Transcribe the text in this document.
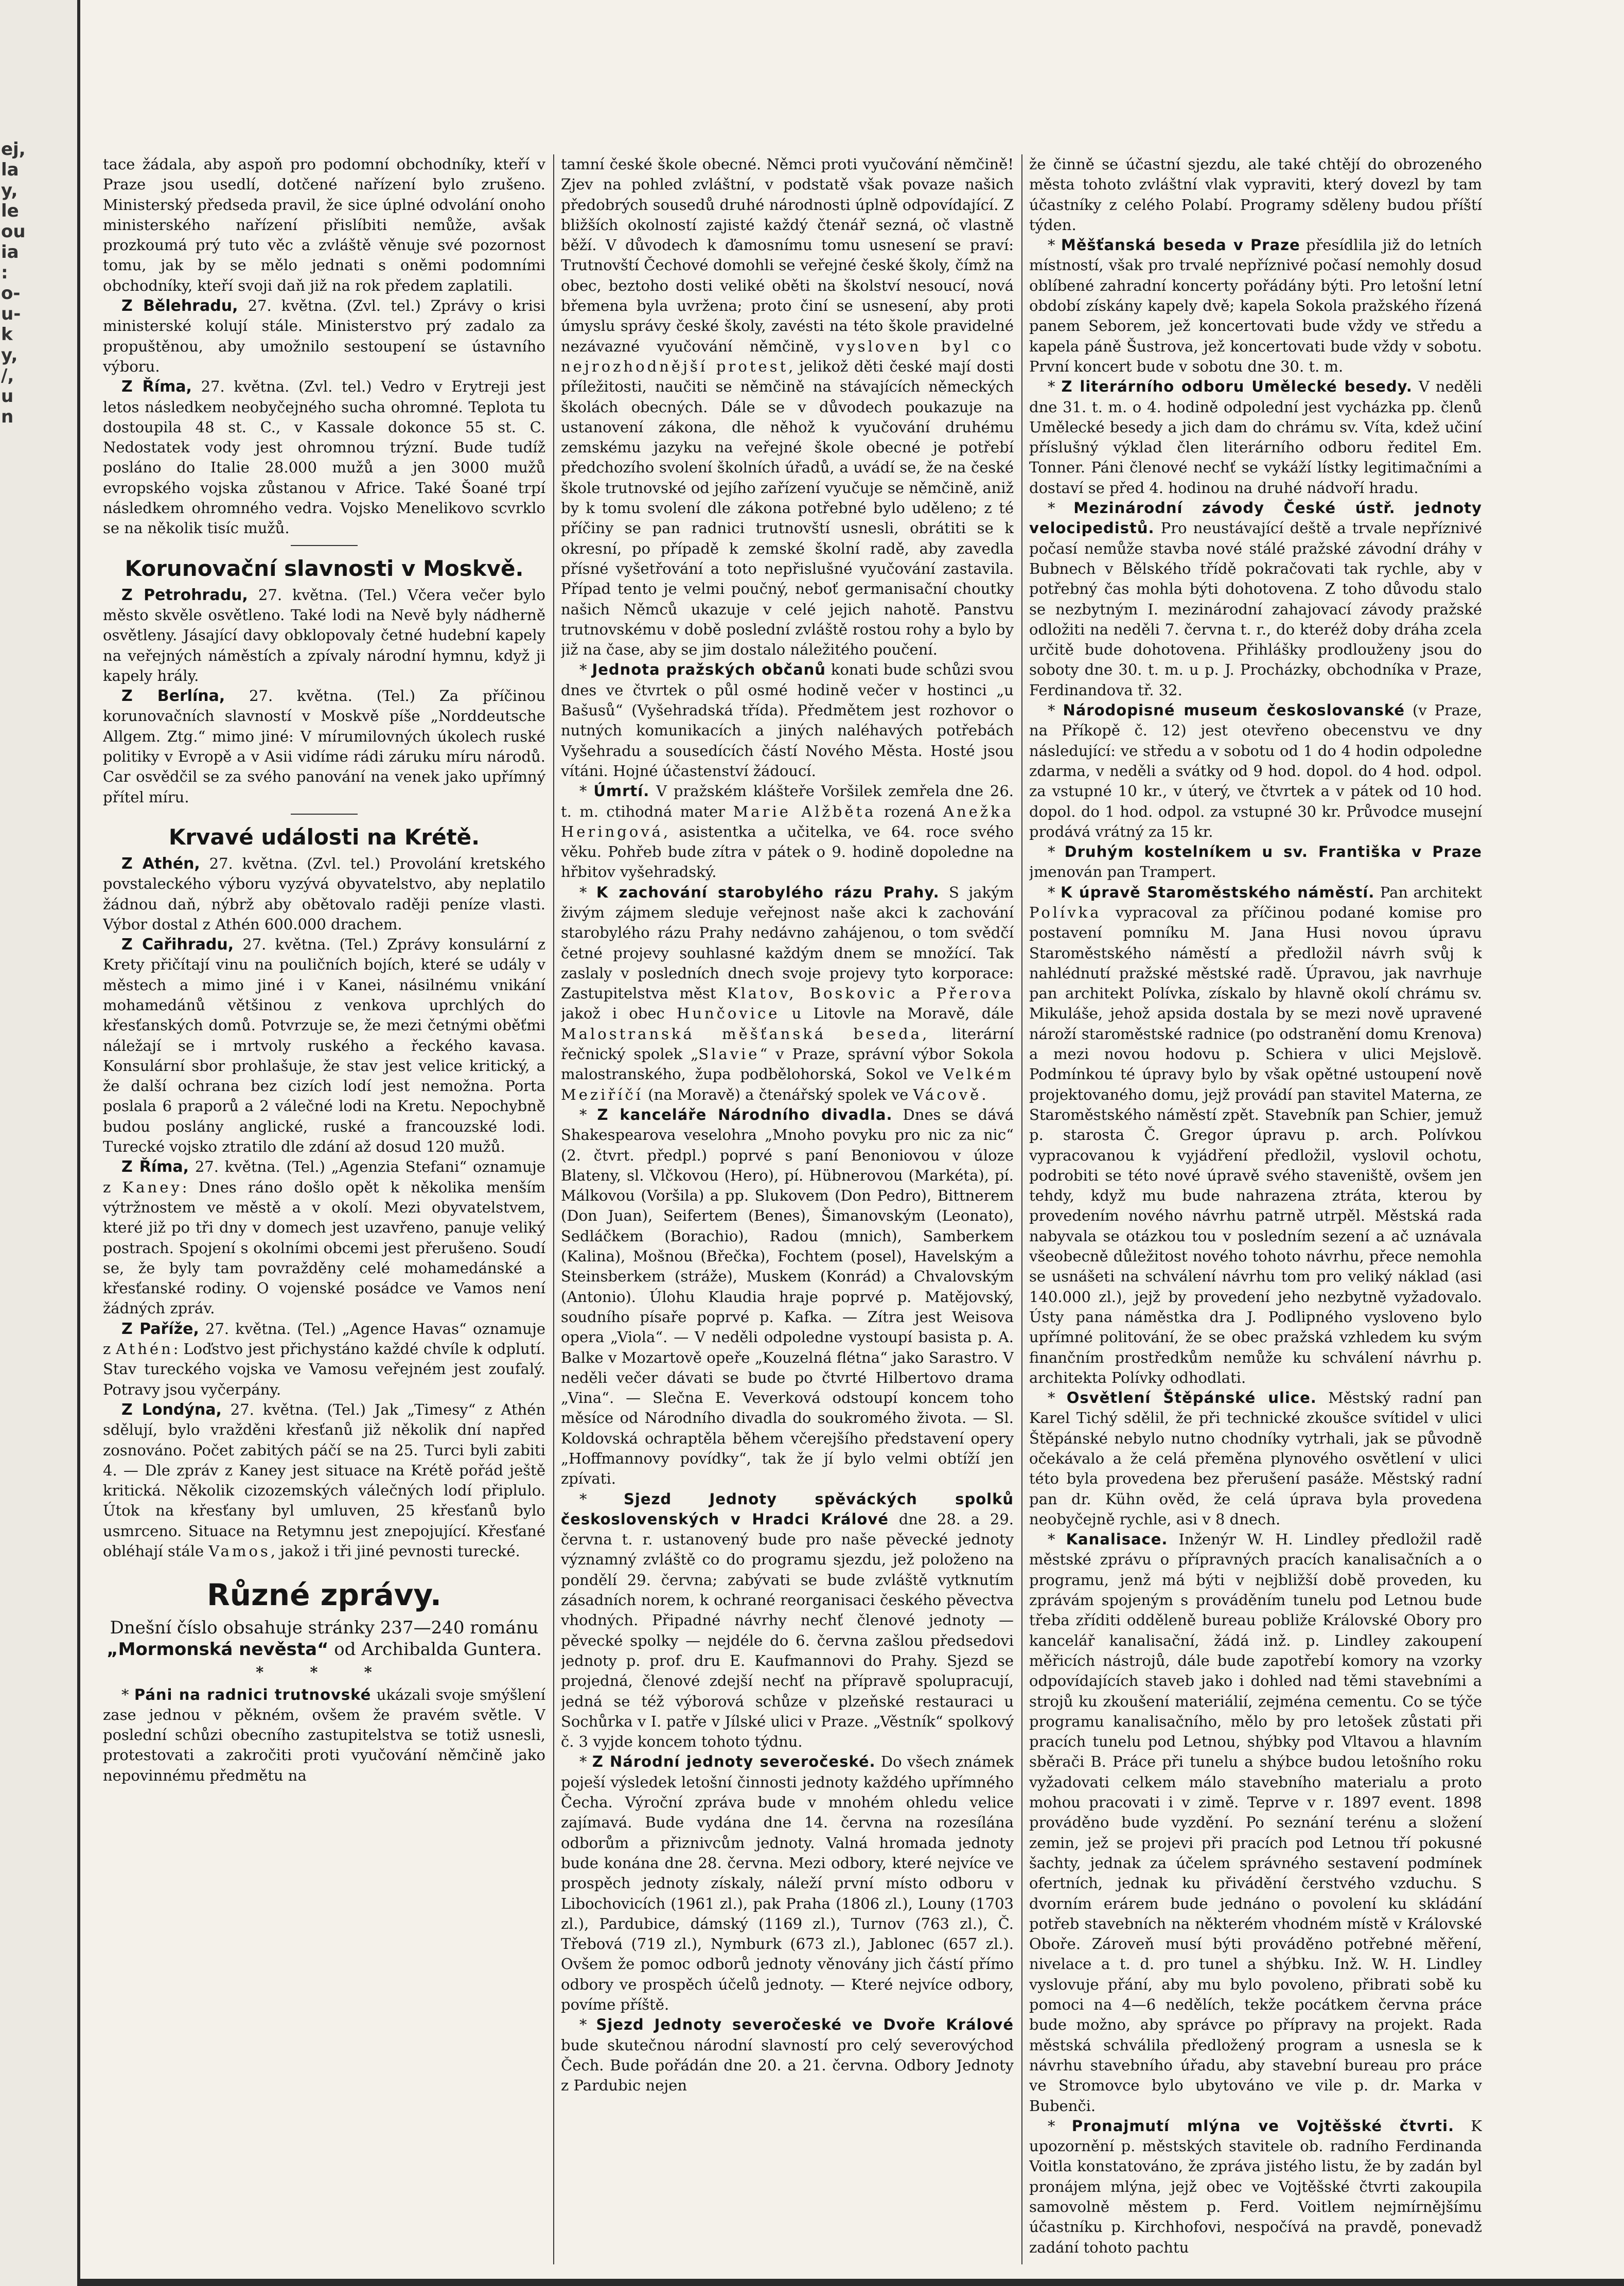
ej,
la
y,
le
ou
ia
:
o-
u-
k
y,
/,
u
n

tace žádala, aby aspoň pro podomní obchodníky, kteří v Praze jsou usedlí, dotčené nařízení bylo zrušeno. Ministerský předseda pravil, že sice úplné odvolání onoho ministerského nařízení přislíbiti nemůže, avšak prozkoumá prý tuto věc a zvláště věnuje své pozornost tomu, jak by se mělo jednati s oněmi podomními obchodníky, kteří svoji daň již na rok předem zaplatili.

Z Bělehradu, 27. května. (Zvl. tel.) Zprávy o krisi ministerské kolují stále. Ministerstvo prý zadalo za propuštěnou, aby umožnilo sestoupení se ústavního výboru.

Z Říma, 27. května. (Zvl. tel.) Vedro v Erytreji jest letos následkem neobyčejného sucha ohromné. Teplota tu dostoupila 48 st. C., v Kassale dokonce 55 st. C. Nedostatek vody jest ohromnou trýzní. Bude tudíž posláno do Italie 28.000 mužů a jen 3000 mužů evropského vojska zůstanou v Africe. Také Šoané trpí následkem ohromného vedra. Vojsko Menelikovo scvrklo se na několik tisíc mužů.

Korunovační slavnosti v Moskvě.

Z Petrohradu, 27. května. (Tel.) Včera večer bylo město skvěle osvětleno. Také lodi na Nevě byly nádherně osvětleny. Jásající davy obklopovaly četné hudební kapely na veřejných náměstích a zpívaly národní hymnu, když ji kapely hrály.

Z Berlína, 27. května. (Tel.) Za příčinou korunovačních slavností v Moskvě píše „Norddeutsche Allgem. Ztg.“ mimo jiné: V mírumilovných úkolech ruské politiky v Evropě a v Asii vidíme rádi záruku míru národů. Car osvědčil se za svého panování na venek jako upřímný přítel míru.

Krvavé události na Krétě.

Z Athén, 27. května. (Zvl. tel.) Provolání kretského povstaleckého výboru vyzývá obyvatelstvo, aby neplatilo žádnou daň, nýbrž aby obětovalo raději peníze vlasti. Výbor dostal z Athén 600.000 drachem.

Z Cařihradu, 27. května. (Tel.) Zprávy konsulární z Krety přičítají vinu na pouličních bojích, které se udály v městech a mimo jiné i v Kanei, násilnému vnikání mohamedánů většinou z venkova uprchlých do křesťanských domů. Potvrzuje se, že mezi četnými oběťmi náležají se i mrtvoly ruského a řeckého kavasa. Konsulární sbor prohlašuje, že stav jest velice kritický, a že další ochrana bez cizích lodí jest nemožna. Porta poslala 6 praporů a 2 válečné lodi na Kretu. Nepochybně budou poslány anglické, ruské a francouzské lodi. Turecké vojsko ztratilo dle zdání až dosud 120 mužů.

Z Říma, 27. května. (Tel.) „Agenzia Stefani“ oznamuje z Kaney: Dnes ráno došlo opět k několika menším výtržnostem ve městě a v okolí. Mezi obyvatelstvem, které již po tři dny v domech jest uzavřeno, panuje veliký postrach. Spojení s okolními obcemi jest přerušeno. Soudí se, že byly tam povražděny celé mohamedánské a křesťanské rodiny. O vojenské posádce ve Vamos není žádných zpráv.

Z Paříže, 27. května. (Tel.) „Agence Havas“ oznamuje z Athén: Loďstvo jest přichystáno každé chvíle k odplutí. Stav tureckého vojska ve Vamosu veřejném jest zoufalý. Potravy jsou vyčerpány.

Z Londýna, 27. května. (Tel.) Jak „Timesy“ z Athén sdělují, bylo vražděni křesťanů již několik dní napřed zosnováno. Počet zabitých páčí se na 25. Turci byli zabiti 4. — Dle zpráv z Kaney jest situace na Krétě pořád ještě kritická. Několik cizozemských válečných lodí připlulo. Útok na křesťany byl umluven, 25 křesťanů bylo usmrceno. Situace na Retymnu jest znepojující. Křesťané obléhají stále Vamos, jakož i tři jiné pevnosti turecké.

Různé zprávy.

Dnešní číslo obsahuje stránky 237—240 románu „Mormonská nevěsta“ od Archibalda Guntera.

* * *

* Páni na radnici trutnovské ukázali svoje smýšlení zase jednou v pěkném, ovšem že pravém světle. V poslední schůzi obecního zastupitelstva se totiž usnesli, protestovati a zakročiti proti vyučování němčině jako nepovinnému předmětu na

tamní české škole obecné. Němci proti vyučování němčině! Zjev na pohled zvláštní, v podstatě však povaze našich předobrých sousedů druhé národnosti úplně odpovídající. Z bližších okolností zajisté každý čtenář sezná, oč vlastně běží. V důvodech k ďamosnímu tomu usnesení se praví: Trutnovští Čechové domohli se veřejné české školy, čímž na obec, beztoho dosti veliké oběti na školství nesoucí, nová břemena byla uvržena; proto činí se usnesení, aby proti úmyslu správy české školy, zavésti na této škole pravidelné nezávazné vyučování němčině, vysloven byl co nejrozhodnější protest, jelikož děti české mají dosti příležitosti, naučiti se němčině na stávajících německých školách obecných. Dále se v důvodech poukazuje na ustanovení zákona, dle něhož k vyučování druhému zemskému jazyku na veřejné škole obecné je potřebí předchozího svolení školních úřadů, a uvádí se, že na české škole trutnovské od jejího zařízení vyučuje se němčině, aniž by k tomu svolení dle zákona potřebné bylo uděleno; z té příčiny se pan radnici trutnovští usnesli, obrátiti se k okresní, po případě k zemské školní radě, aby zavedla přísné vyšetřování a toto nepřislušné vyučování zastavila. Případ tento je velmi poučný, neboť germanisační choutky našich Němců ukazuje v celé jejich nahotě. Panstvu trutnovskému v době poslední zvláště rostou rohy a bylo by již na čase, aby se jim dostalo náležitého poučení.

* Jednota pražských občanů konati bude schůzi svou dnes ve čtvrtek o půl osmé hodině večer v hostinci „u Bašusů“ (Vyšehradská třída). Předmětem jest rozhovor o nutných komunikacích a jiných naléhavých potřebách Vyšehradu a sousedících částí Nového Města. Hosté jsou vítáni. Hojné účastenství žádoucí.

* Úmrtí. V pražském klášteře Voršilek zemřela dne 26. t. m. ctihodná mater Marie Alžběta rozená Anežka Heringová, asistentka a učitelka, ve 64. roce svého věku. Pohřeb bude zítra v pátek o 9. hodině dopoledne na hřbitov vyšehradský.

* K zachování starobylého rázu Prahy. S jakým živým zájmem sleduje veřejnost naše akci k zachování starobylého rázu Prahy nedávno zahájenou, o tom svědčí četné projevy souhlasné každým dnem se množící. Tak zaslaly v posledních dnech svoje projevy tyto korporace: Zastupitelstva měst Klatov, Boskovic a Přerova jakož i obec Hunčovice u Litovle na Moravě, dále Malostranská měšťanská beseda, literární řečnický spolek „Slavie“ v Praze, správní výbor Sokola malostranského, župa podbělohorská, Sokol ve Velkém Meziříčí (na Moravě) a čtenářský spolek ve Vácově.

* Z kanceláře Národního divadla. Dnes se dává Shakespearova veselohra „Mnoho povyku pro nic za nic“ (2. čtvrt. předpl.) poprvé s paní Benoniovou v úloze Blateny, sl. Vlčkovou (Hero), pí. Hübnerovou (Markéta), pí. Málkovou (Voršila) a pp. Slukovem (Don Pedro), Bittnerem (Don Juan), Seifertem (Benes), Šimanovským (Leonato), Sedláčkem (Borachio), Radou (mnich), Samberkem (Kalina), Mošnou (Břečka), Fochtem (posel), Havelským a Steinsberkem (stráže), Muskem (Konrád) a Chvalovským (Antonio). Úlohu Klaudia hraje poprvé p. Matějovský, soudního písaře poprvé p. Kafka. — Zítra jest Weisova opera „Viola“. — V neděli odpoledne vystoupí basista p. A. Balke v Mozartově opeře „Kouzelná flétna“ jako Sarastro. V neděli večer dávati se bude po čtvrté Hilbertovo drama „Vina“. — Slečna E. Veverková odstoupí koncem toho měsíce od Národního divadla do soukromého života. — Sl. Koldovská ochraptěla během včerejšího představení opery „Hoffmannovy povídky“, tak že jí bylo velmi obtíží jen zpívati.

* Sjezd Jednoty spěváckých spolků československých v Hradci Králové dne 28. a 29. června t. r. ustanovený bude pro naše pěvecké jednoty významný zvláště co do programu sjezdu, jež položeno na pondělí 29. června; zabývati se bude zvláště vytknutím zásadních norem, k ochrané reorganisaci českého pěvectva vhodných. Připadné návrhy nechť členové jednoty — pěvecké spolky — nejdéle do 6. června zašlou předsedovi jednoty p. prof. dru E. Kaufmannovi do Prahy. Sjezd se projedná, členové zdejší nechť na přípravě spolupracují, jedná se též výborová schůze v plzeňské restauraci u Sochůrka v I. patře v Jílské ulici v Praze. „Věstník“ spolkový č. 3 vyjde koncem tohoto týdnu.

* Z Národní jednoty severočeské. Do všech známek poješí výsledek letošní činnosti jednoty každého upřímného Čecha. Výroční zpráva bude v mnohém ohledu velice zajímavá. Bude vydána dne 14. června na rozesílána odborům a přiznivcům jednoty. Valná hromada jednoty bude konána dne 28. června. Mezi odbory, které nejvíce ve prospěch jednoty získaly, náleží první místo odboru v Libochovicích (1961 zl.), pak Praha (1806 zl.), Louny (1703 zl.), Pardubice, dámský (1169 zl.), Turnov (763 zl.), Č. Třebová (719 zl.), Nymburk (673 zl.), Jablonec (657 zl.). Ovšem že pomoc odborů jednoty věnovány jich částí přímo odbory ve prospěch účelů jednoty. — Které nejvíce odbory, povíme příště.

* Sjezd Jednoty severočeské ve Dvoře Králové bude skutečnou národní slavností pro celý severovýchod Čech. Bude pořádán dne 20. a 21. června. Odbory Jednoty z Pardubic nejen

že činně se účastní sjezdu, ale také chtějí do obrozeného města tohoto zvláštní vlak vypraviti, který dovezl by tam účastníky z celého Polabí. Programy sděleny budou příští týden.

* Měšťanská beseda v Praze přesídlila již do letních místností, však pro trvalé nepříznivé počasí nemohly dosud oblíbené zahradní koncerty pořádány býti. Pro letošní letní období získány kapely dvě; kapela Sokola pražského řízená panem Seborem, jež koncertovati bude vždy ve středu a kapela páně Šustrova, jež koncertovati bude vždy v sobotu. První koncert bude v sobotu dne 30. t. m.

* Z literárního odboru Umělecké besedy. V neděli dne 31. t. m. o 4. hodině odpolední jest vycházka pp. členů Umělecké besedy a jich dam do chrámu sv. Víta, kdež učiní příslušný výklad člen literárního odboru ředitel Em. Tonner. Páni členové nechť se vykáží lístky legitimačními a dostaví se před 4. hodinou na druhé nádvoří hradu.

* Mezinárodní závody České ústř. jednoty velocipedistů. Pro neustávající deště a trvale nepříznivé počasí nemůže stavba nové stálé pražské závodní dráhy v Bubnech v Bělského třídě pokračovati tak rychle, aby v potřebný čas mohla býti dohotovena. Z toho důvodu stalo se nezbytným I. mezinárodní zahajovací závody pražské odložiti na neděli 7. června t. r., do kteréž doby dráha zcela určitě bude dohotovena. Přihlášky prodlouženy jsou do soboty dne 30. t. m. u p. J. Procházky, obchodníka v Praze, Ferdinandova tř. 32.

* Národopisné museum českoslovanské (v Praze, na Příkopě č. 12) jest otevřeno obecenstvu ve dny následující: ve středu a v sobotu od 1 do 4 hodin odpoledne zdarma, v neděli a svátky od 9 hod. dopol. do 4 hod. odpol. za vstupné 10 kr., v úterý, ve čtvrtek a v pátek od 10 hod. dopol. do 1 hod. odpol. za vstupné 30 kr. Průvodce musejní prodává vrátný za 15 kr.

* Druhým kostelníkem u sv. Františka v Praze jmenován pan Trampert.

* K úpravě Staroměstského náměstí. Pan architekt Polívka vypracoval za příčinou podané komise pro postavení pomníku M. Jana Husi novou úpravu Staroměstského náměstí a předložil návrh svůj k nahlédnutí pražské městské radě. Úpravou, jak navrhuje pan architekt Polívka, získalo by hlavně okolí chrámu sv. Mikuláše, jehož apsida dostala by se mezi nově upravené nároží staroměstské radnice (po odstranění domu Krenova) a mezi novou hodovu p. Schiera v ulici Mejslově. Podmínkou té úpravy bylo by však opětné ustoupení nově projektovaného domu, jejž provádí pan stavitel Materna, ze Staroměstského náměstí zpět. Stavebník pan Schier, jemuž p. starosta Č. Gregor úpravu p. arch. Polívkou vypracovanou k vyjádření předložil, vyslovil ochotu, podrobiti se této nové úpravě svého staveniště, ovšem jen tehdy, když mu bude nahrazena ztráta, kterou by provedením nového návrhu patrně utrpěl. Městská rada nabyvala se otázkou tou v posledním sezení a ač uznávala všeobecně důležitost nového tohoto návrhu, přece nemohla se usnášeti na schválení návrhu tom pro veliký náklad (asi 140.000 zl.), jejž by provedení jeho nezbytně vyžadovalo. Ústy pana náměstka dra J. Podlipného vysloveno bylo upřímné politování, že se obec pražská vzhledem ku svým finančním prostředkům nemůže ku schválení návrhu p. architekta Polívky odhodlati.

* Osvětlení Štěpánské ulice. Městský radní pan Karel Tichý sdělil, že při technické zkoušce svítidel v ulici Štěpánské nebylo nutno chodníky vytrhali, jak se původně očekávalo a že celá přeměna plynového osvětlení v ulici této byla provedena bez přerušení pasáže. Městský radní pan dr. Kühn ověd, že celá úprava byla provedena neobyčejně rychle, asi v 8 dnech.

* Kanalisace. Inženýr W. H. Lindley předložil radě městské zprávu o přípravných pracích kanalisačních a o programu, jenž má býti v nejbližší době proveden, ku zprávám spojeným s prováděním tunelu pod Letnou bude třeba zříditi odděleně bureau pobliže Královské Obory pro kancelář kanalisační, žádá inž. p. Lindley zakoupení měřicích nástrojů, dále bude zapotřebí komory na vzorky odpovídajících staveb jako i dohled nad těmi stavebními a strojů ku zkoušení materiálií, zejména cementu. Co se týče programu kanalisačního, mělo by pro letošek zůstati při pracích tunelu pod Letnou, shýbky pod Vltavou a hlavním sběrači B. Práce při tunelu a shýbce budou letošního roku vyžadovati celkem málo stavebního materialu a proto mohou pracovati i v zimě. Teprve v r. 1897 event. 1898 prováděno bude vyzdění. Po seznání terénu a složení zemin, jež se projevi při pracích pod Letnou tří pokusné šachty, jednak za účelem správného sestavení podmínek ofertních, jednak ku přivádění čerstvého vzduchu. S dvorním erárem bude jednáno o povolení ku skládání potřeb stavebních na některém vhodném místě v Královské Oboře. Zároveň musí býti prováděno potřebné měření, nivelace a t. d. pro tunel a shýbku. Inž. W. H. Lindley vyslovuje přání, aby mu bylo povoleno, přibrati sobě ku pomoci na 4—6 nedělích, tekže pocátkem června práce bude možno, aby správce po přípravy na projekt. Rada městská schválila předložený program a usnesla se k návrhu stavebního úřadu, aby stavební bureau pro práce ve Stromovce bylo ubytováno ve vile p. dr. Marka v Bubenči.

* Pronajmutí mlýna ve Vojtěšské čtvrti. K upozornění p. městských stavitele ob. radního Ferdinanda Voitla konstatováno, že zpráva jistého listu, že by zadán byl pronájem mlýna, jejž obec ve Vojtěšské čtvrti zakoupila samovolně městem p. Ferd. Voitlem nejmírnějšímu účastníku p. Kirchhofovi, nespočívá na pravdě, ponevadž zadání tohoto pachtu
